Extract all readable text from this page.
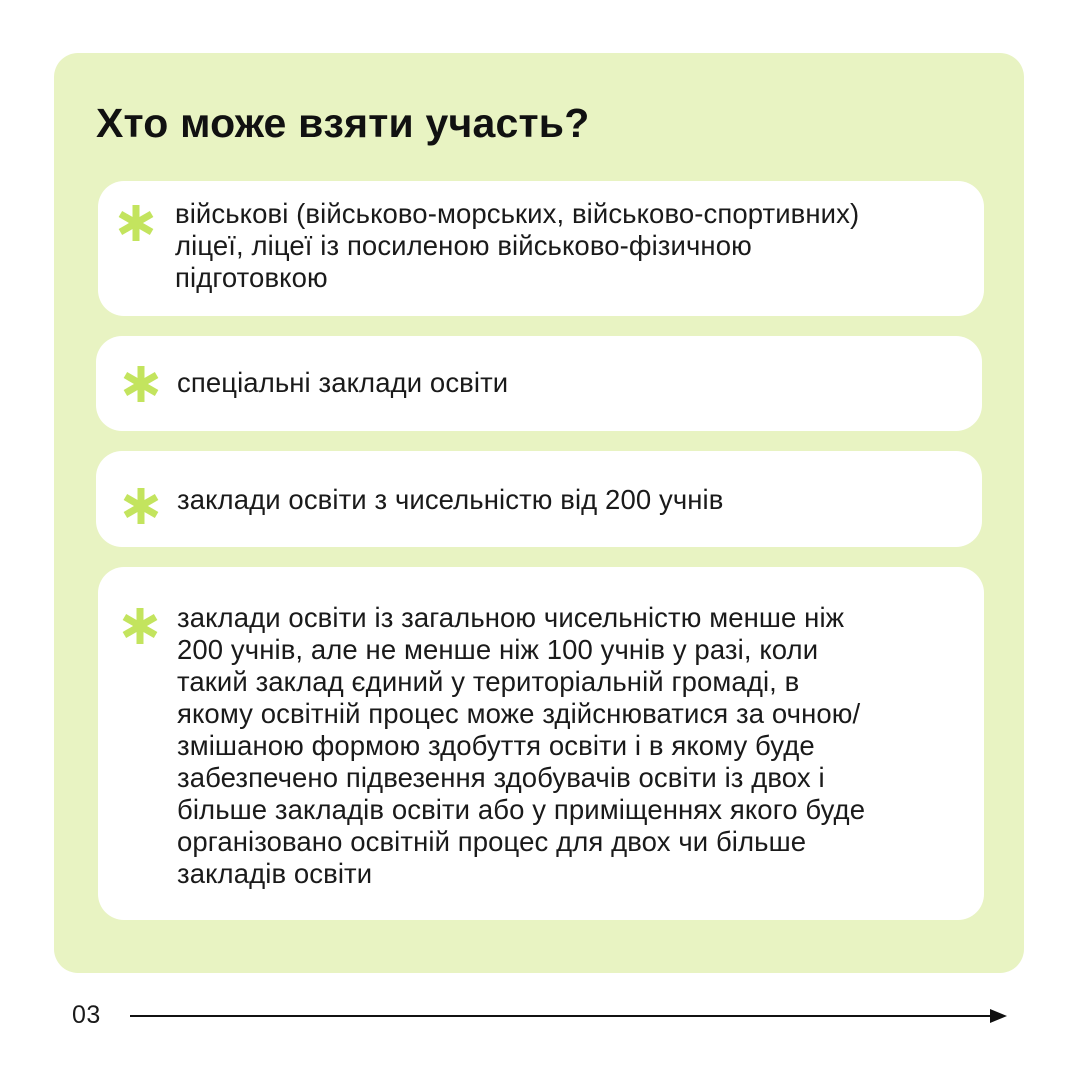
Хто може взяти участь?
військові (військово-морських, військово-спортивних)
ліцеї, ліцеї із посиленою військово-фізичною
підготовкою
спеціальні заклади освіти
заклади освіти з чисельністю від 200 учнів
заклади освіти із загальною чисельністю менше ніж
200 учнів, але не менше ніж 100 учнів у разі, коли
такий заклад єдиний у територіальній громаді, в
якому освітній процес може здійснюватися за очною/
змішаною формою здобуття освіти і в якому буде
забезпечено підвезення здобувачів освіти із двох і
більше закладів освіти або у приміщеннях якого буде
організовано освітній процес для двох чи більше
закладів освіти
03
